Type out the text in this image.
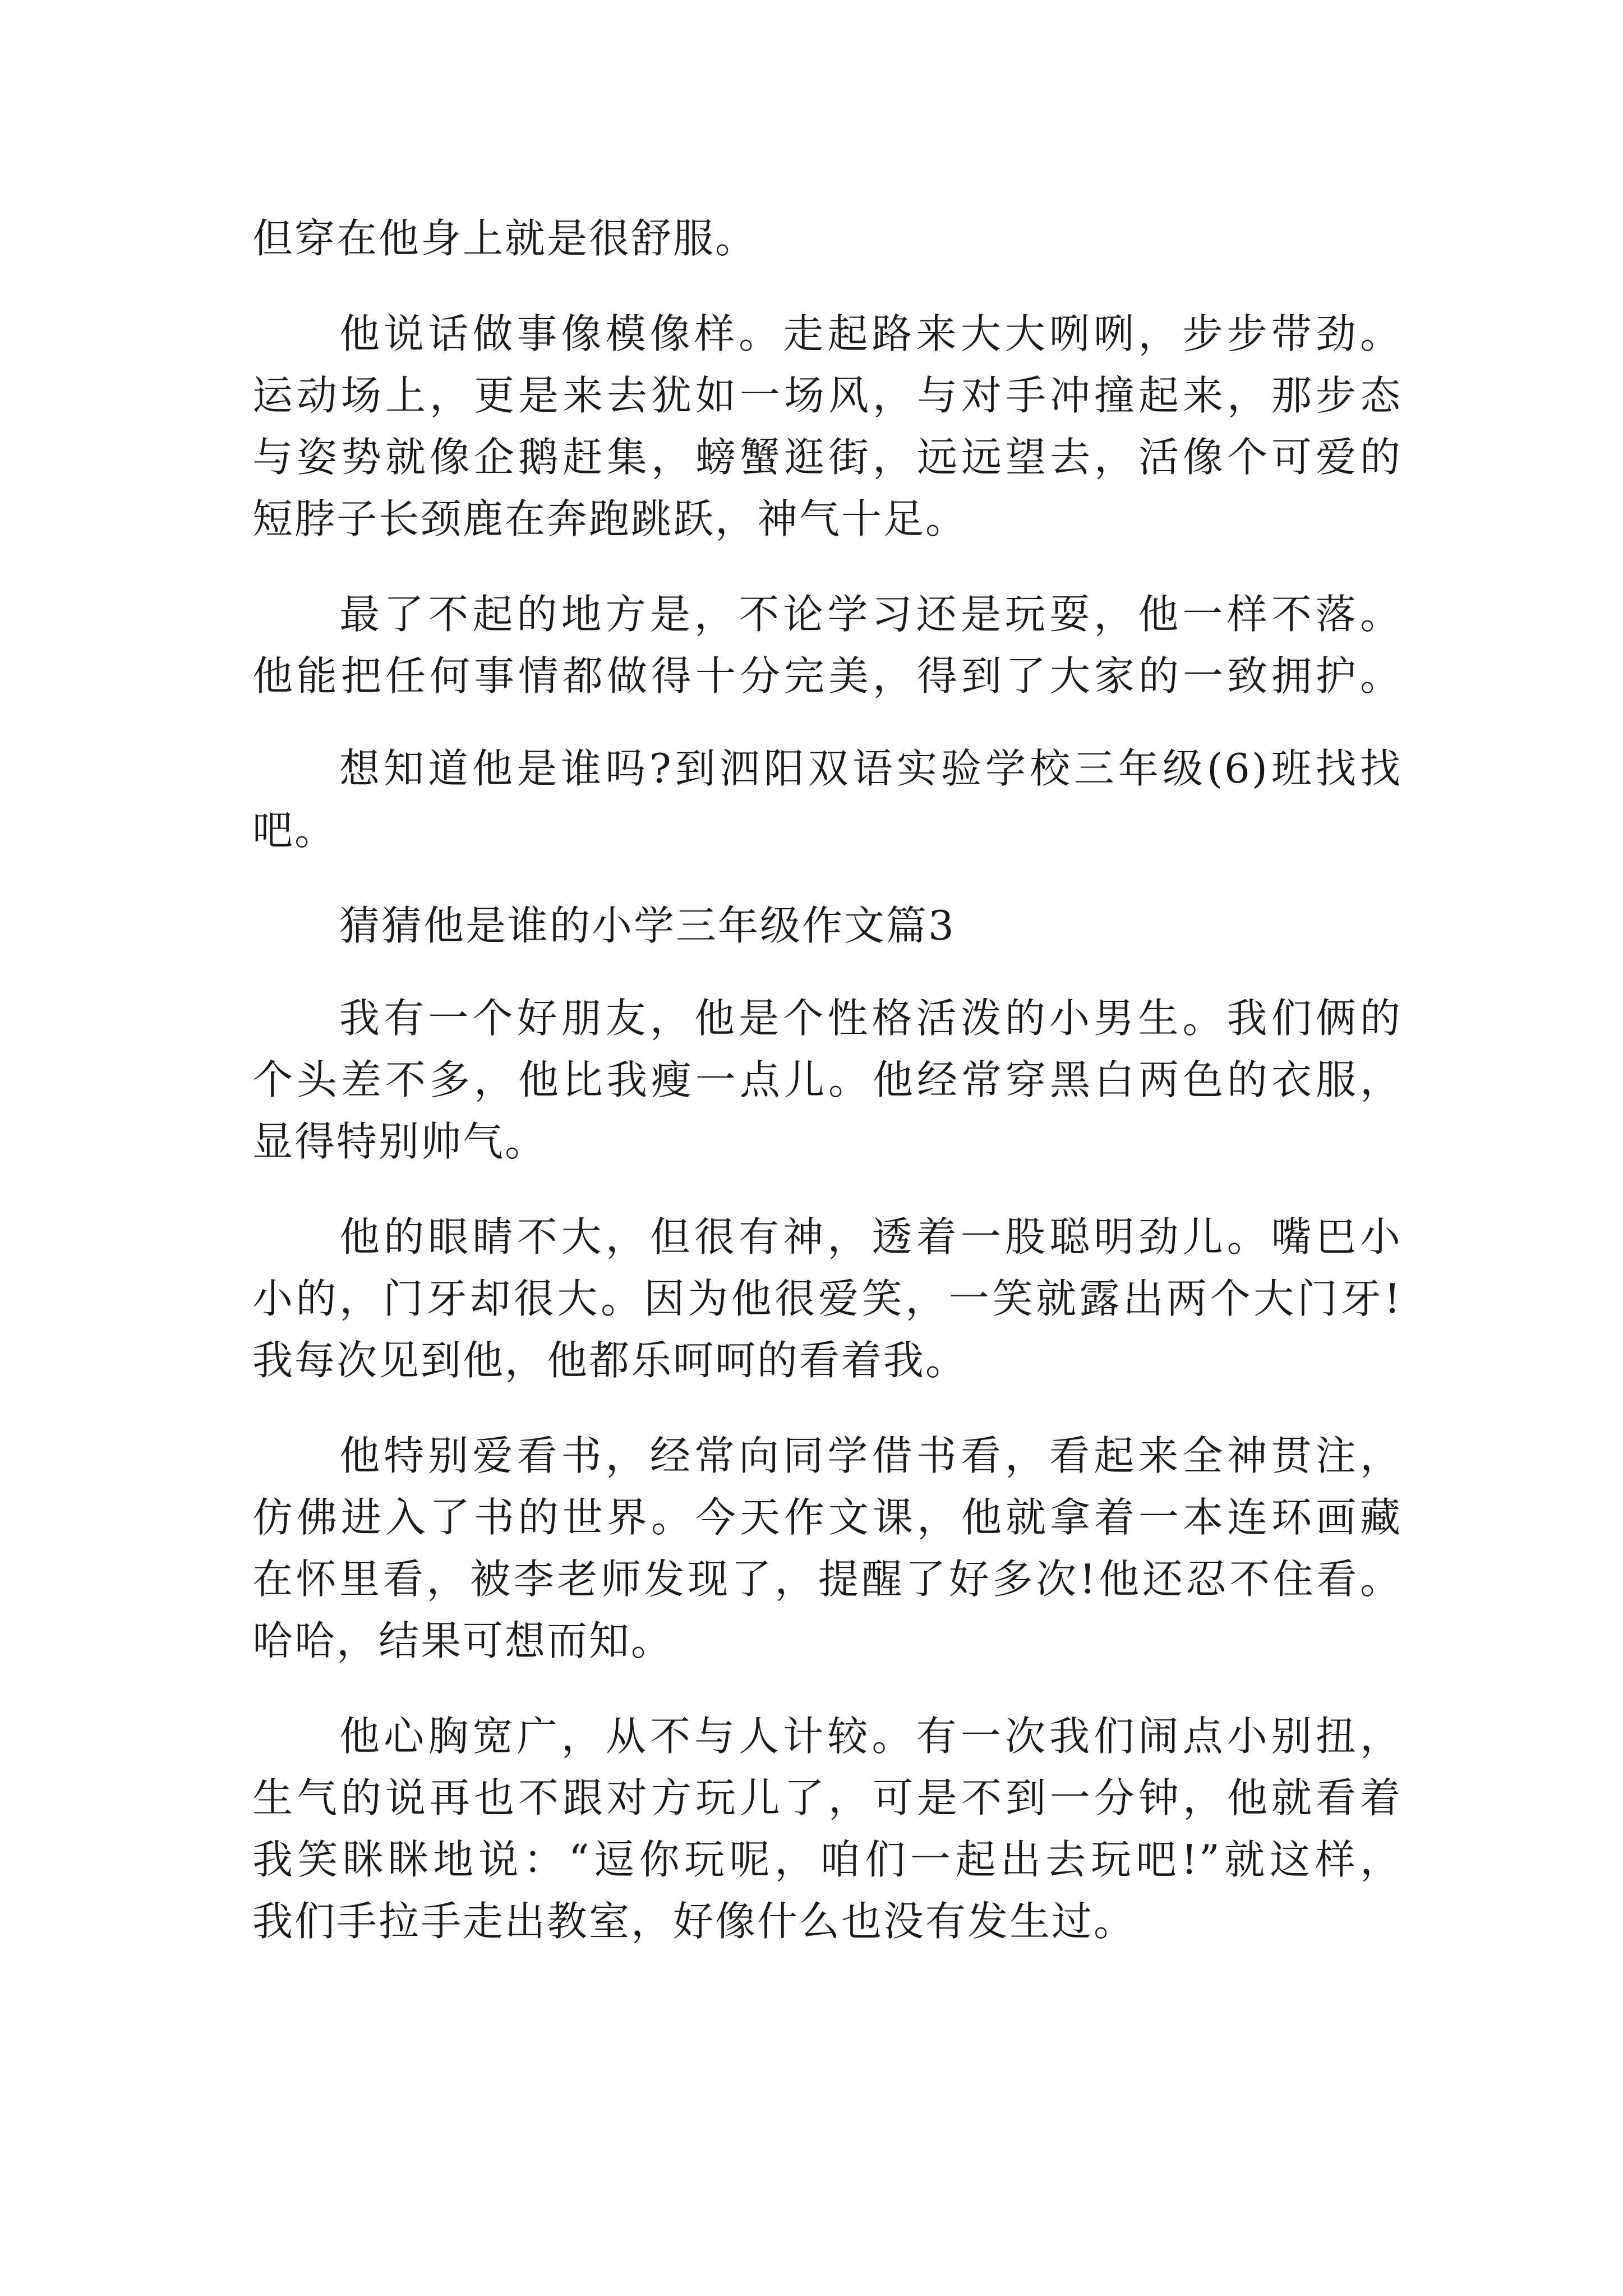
但穿在他身上就是很舒服。

他说话做事像模像样。走起路来大大咧咧，步步带劲。

运动场上，更是来去犹如一场风，与对手冲撞起来，那步态

与姿势就像企鹅赶集，螃蟹逛街，远远望去，活像个可爱的

短脖子长颈鹿在奔跑跳跃，神气十足。

最了不起的地方是，不论学习还是玩耍，他一样不落。

他能把任何事情都做得十分完美，得到了大家的一致拥护。

想知道他是谁吗?到泗阳双语实验学校三年级(6)班找找

吧。

猜猜他是谁的小学三年级作文篇3

我有一个好朋友，他是个性格活泼的小男生。我们俩的

个头差不多，他比我瘦一点儿。他经常穿黑白两色的衣服，

显得特别帅气。

他的眼睛不大，但很有神，透着一股聪明劲儿。嘴巴小

小的，门牙却很大。因为他很爱笑，一笑就露出两个大门牙!

我每次见到他，他都乐呵呵的看着我。

他特别爱看书，经常向同学借书看，看起来全神贯注，

仿佛进入了书的世界。今天作文课，他就拿着一本连环画藏

在怀里看，被李老师发现了，提醒了好多次!他还忍不住看。

哈哈，结果可想而知。

他心胸宽广，从不与人计较。有一次我们闹点小别扭，

生气的说再也不跟对方玩儿了，可是不到一分钟，他就看着

我笑眯眯地说：“逗你玩呢，咱们一起出去玩吧!”就这样，

我们手拉手走出教室，好像什么也没有发生过。
